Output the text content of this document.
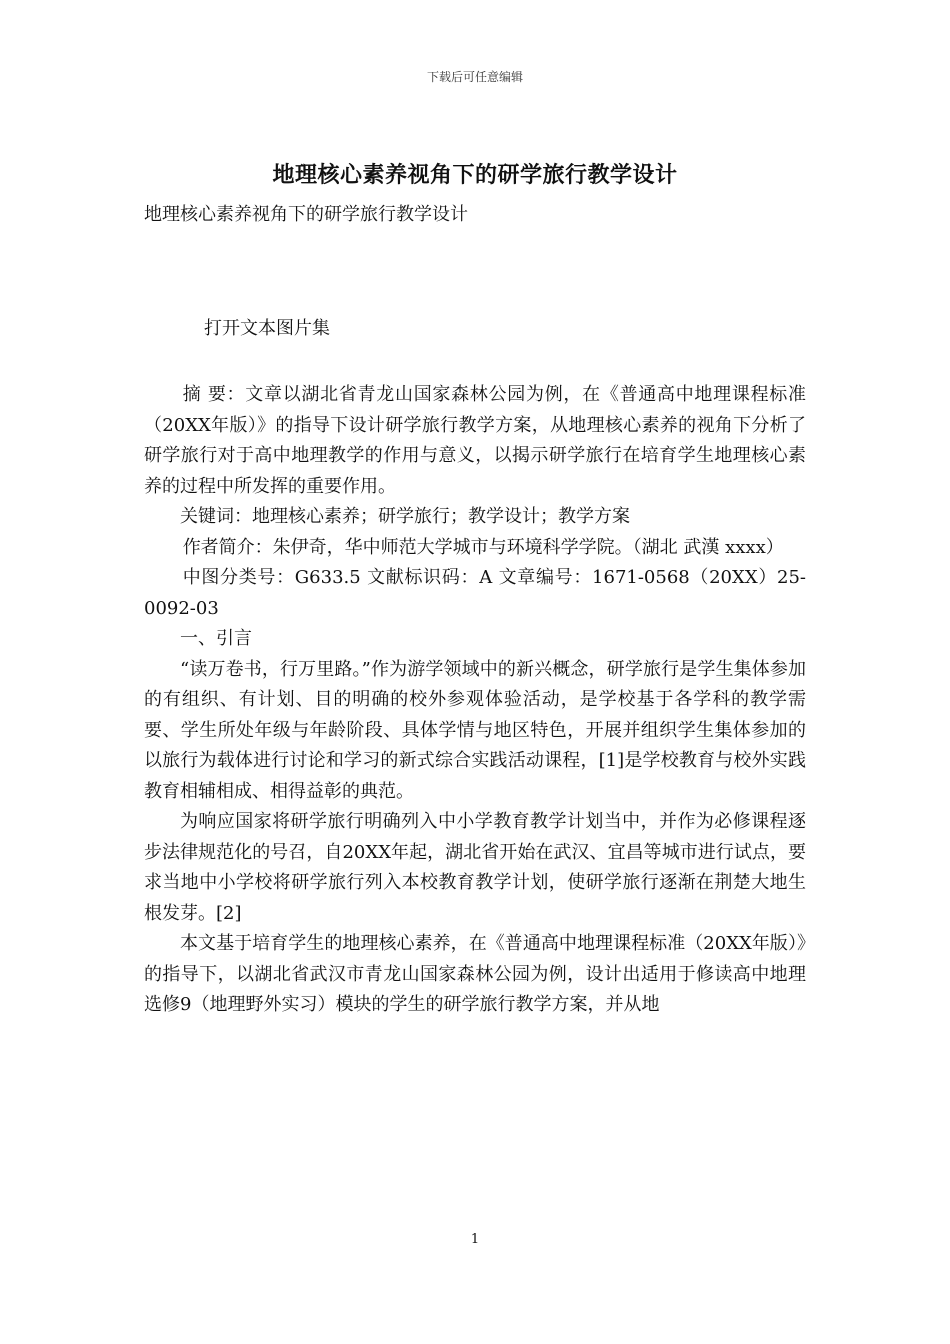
下载后可任意编辑
地理核心素养视角下的研学旅行教学设计
地理核心素养视角下的研学旅行教学设计
打开文本图片集

摘 要：文章以湖北省青龙山国家森林公园为例，在《普通高中地理课程标准（20XX年版）》的指导下设计研学旅行教学方案，从地理核心素养的视角下分析了研学旅行对于高中地理教学的作用与意义，以揭示研学旅行在培育学生地理核心素养的过程中所发挥的重要作用。

关键词：地理核心素养；研学旅行；教学设计；教学方案

作者简介：朱伊奇，华中师范大学城市与环境科学学院。（湖北 武漢 xxxx）

中图分类号：G633.5 文献标识码：A 文章编号：1671-0568（20XX）25-0092-03

一、引言

“读万卷书，行万里路。”作为游学领域中的新兴概念，研学旅行是学生集体参加的有组织、有计划、目的明确的校外参观体验活动，是学校基于各学科的教学需要、学生所处年级与年龄阶段、具体学情与地区特色，开展并组织学生集体参加的以旅行为载体进行讨论和学习的新式综合实践活动课程，[1]是学校教育与校外实践教育相辅相成、相得益彰的典范。

为响应国家将研学旅行明确列入中小学教育教学计划当中，并作为必修课程逐步法律规范化的号召，自20XX年起，湖北省开始在武汉、宜昌等城市进行试点，要求当地中小学校将研学旅行列入本校教育教学计划，使研学旅行逐渐在荆楚大地生根发芽。[2]

本文基于培育学生的地理核心素养，在《普通高中地理课程标准（20XX年版）》的指导下，以湖北省武汉市青龙山国家森林公园为例，设计出适用于修读高中地理选修9（地理野外实习）模块的学生的研学旅行教学方案，并从地

1
